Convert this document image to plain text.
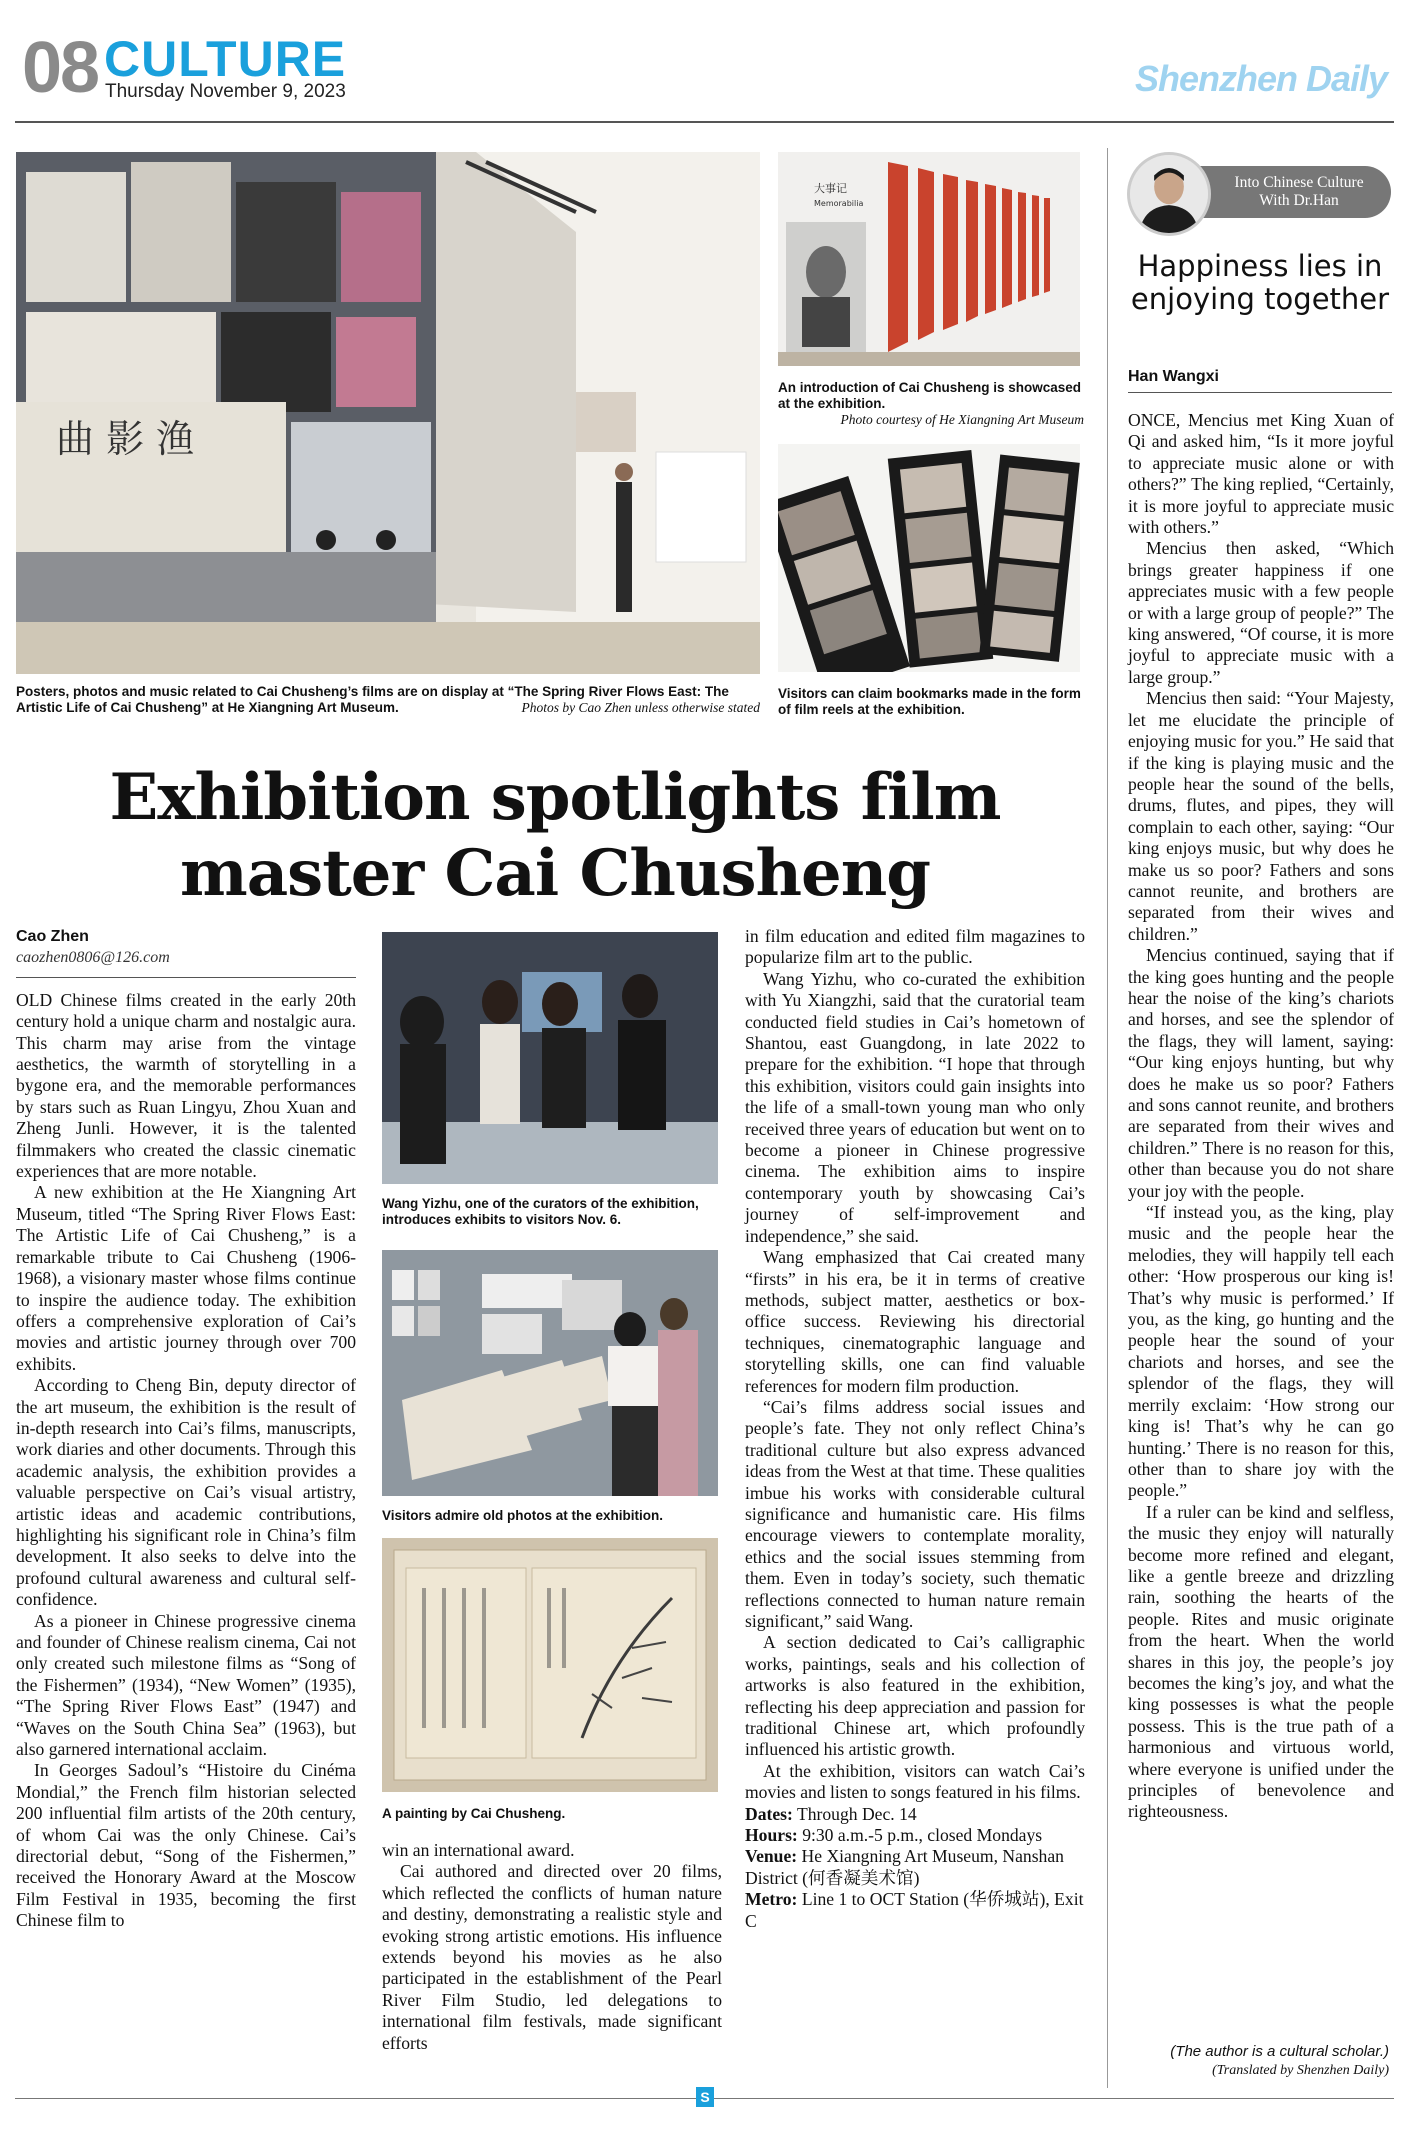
08 CULTURE
Thursday November 9, 2023	Shenzhen Daily
曲 影 渔
Posters, photos and music related to Cai Chusheng’s films are on display at “The Spring River Flows East: The Artistic Life of Cai Chusheng” at He Xiangning Art Museum.	Photos by Cao Zhen unless otherwise stated
大事记
Memorabilia
An introduction of Cai Chusheng is showcased at the exhibition.
Photo courtesy of He Xiangning Art Museum
Visitors can claim bookmarks made in the form of film reels at the exhibition.
Exhibition spotlights film
master Cai Chusheng
Cao Zhen
caozhen0806@126.com

OLD Chinese films created in the early 20th century hold a unique charm and nostalgic aura. This charm may arise from the vintage aesthetics, the warmth of storytelling in a bygone era, and the memorable performances by stars such as Ruan Lingyu, Zhou Xuan and Zheng Junli. However, it is the talented filmmakers who created the classic cinematic experiences that are more notable.

A new exhibition at the He Xiangning Art Museum, titled “The Spring River Flows East: The Artistic Life of Cai Chusheng,” is a remarkable tribute to Cai Chusheng (1906-1968), a visionary master whose films continue to inspire the audience today. The exhibition offers a comprehensive exploration of Cai’s movies and artistic journey through over 700 exhibits.

According to Cheng Bin, deputy director of the art museum, the exhibition is the result of in-depth research into Cai’s films, manuscripts, work diaries and other documents. Through this academic analysis, the exhibition provides a valuable perspective on Cai’s visual artistry, artistic ideas and academic contributions, highlighting his significant role in China’s film development. It also seeks to delve into the profound cultural awareness and cultural self-confidence.

As a pioneer in Chinese progressive cinema and founder of Chinese realism cinema, Cai not only created such milestone films as “Song of the Fishermen” (1934), “New Women” (1935), “The Spring River Flows East” (1947) and “Waves on the South China Sea” (1963), but also garnered international acclaim.

In Georges Sadoul’s “Histoire du Cinéma Mondial,” the French film historian selected 200 influential film artists of the 20th century, of whom Cai was the only Chinese. Cai’s directorial debut, “Song of the Fishermen,” received the Honorary Award at the Moscow Film Festival in 1935, becoming the first Chinese film to

Wang Yizhu, one of the curators of the exhibition, introduces exhibits to visitors Nov. 6.
Visitors admire old photos at the exhibition.
A painting by Cai Chusheng.

win an international award.

Cai authored and directed over 20 films, which reflected the conflicts of human nature and destiny, demonstrating a realistic style and evoking strong artistic emotions. His influence extends beyond his movies as he also participated in the establishment of the Pearl River Film Studio, led delegations to international film festivals, made significant efforts

in film education and edited film magazines to popularize film art to the public.

Wang Yizhu, who co-curated the exhibition with Yu Xiangzhi, said that the curatorial team conducted field studies in Cai’s hometown of Shantou, east Guangdong, in late 2022 to prepare for the exhibition. “I hope that through this exhibition, visitors could gain insights into the life of a small-town young man who only received three years of education but went on to become a pioneer in Chinese progressive cinema. The exhibition aims to inspire contemporary youth by showcasing Cai’s journey of self-improvement and independence,” she said.

Wang emphasized that Cai created many “firsts” in his era, be it in terms of creative methods, subject matter, aesthetics or box-office success. Reviewing his directorial techniques, cinematographic language and storytelling skills, one can find valuable references for modern film production.

“Cai’s films address social issues and people’s fate. They not only reflect China’s traditional culture but also express advanced ideas from the West at that time. These qualities imbue his works with considerable cultural significance and humanistic care. His films encourage viewers to contemplate morality, ethics and the social issues stemming from them. Even in today’s society, such thematic reflections connected to human nature remain significant,” said Wang.

A section dedicated to Cai’s calligraphic works, paintings, seals and his collection of artworks is also featured in the exhibition, reflecting his deep appreciation and passion for traditional Chinese art, which profoundly influenced his artistic growth.

At the exhibition, visitors can watch Cai’s movies and listen to songs featured in his films.

Dates: Through Dec. 14
Hours: 9:30 a.m.-5 p.m., closed Mondays
Venue: He Xiangning Art Museum, Nanshan District (何香凝美术馆)
Metro: Line 1 to OCT Station (华侨城站), Exit C
Into Chinese Culture
With Dr.Han
Happiness lies in enjoying together
Han Wangxi

ONCE, Mencius met King Xuan of Qi and asked him, “Is it more joyful to appreciate music alone or with others?” The king replied, “Certainly, it is more joyful to appreciate music with others.”

Mencius then asked, “Which brings greater happiness if one appreciates music with a few people or with a large group of people?” The king answered, “Of course, it is more joyful to appreciate music with a large group.”

Mencius then said: “Your Majesty, let me elucidate the principle of enjoying music for you.” He said that if the king is playing music and the people hear the sound of the bells, drums, flutes, and pipes, they will complain to each other, saying: “Our king enjoys music, but why does he make us so poor? Fathers and sons cannot reunite, and brothers are separated from their wives and children.”

Mencius continued, saying that if the king goes hunting and the people hear the noise of the king’s chariots and horses, and see the splendor of the flags, they will lament, saying: “Our king enjoys hunting, but why does he make us so poor? Fathers and sons cannot reunite, and brothers are separated from their wives and children.” There is no reason for this, other than because you do not share your joy with the people.

“If instead you, as the king, play music and the people hear the melodies, they will happily tell each other: ‘How prosperous our king is! That’s why music is performed.’ If you, as the king, go hunting and the people hear the sound of your chariots and horses, and see the splendor of the flags, they will merrily exclaim: ‘How strong our king is! That’s why he can go hunting.’ There is no reason for this, other than to share joy with the people.”

If a ruler can be kind and selfless, the music they enjoy will naturally become more refined and elegant, like a gentle breeze and drizzling rain, soothing the hearts of the people. Rites and music originate from the heart. When the world shares in this joy, the people’s joy becomes the king’s joy, and what the king possesses is what the people possess. This is the true path of a harmonious and virtuous world, where everyone is unified under the principles of benevolence and righteousness.

(The author is a cultural scholar.)
(Translated by Shenzhen Daily)
S
